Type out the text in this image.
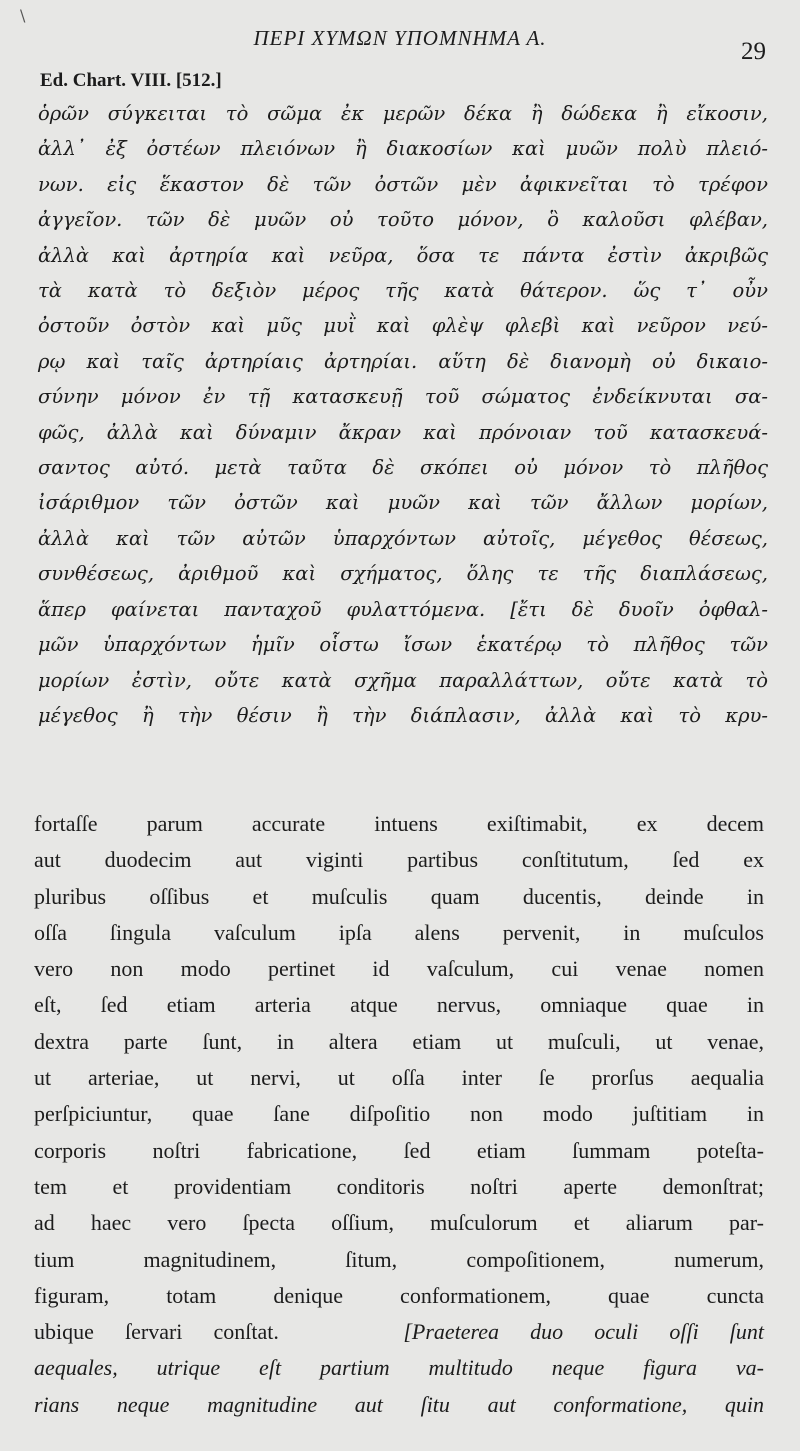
\
ΠΕΡΙ ΧΥΜΩΝ ΥΠΟΜΝΗΜΑ Α.	29
Ed. Chart. VIII. [512.]
ὁρῶν σύγκειται τὸ σῶμα ἐκ μερῶν δέκα ἢ δώδεκα ἢ εἴκοσιν,
ἀλλ᾽ ἐξ ὀστέων πλειόνων ἢ διακοσίων καὶ μυῶν πολὺ πλειό-
νων. εἰς ἕκαστον δὲ τῶν ὀστῶν μὲν ἀφικνεῖται τὸ τρέφον
ἀγγεῖον. τῶν δὲ μυῶν οὐ τοῦτο μόνον, ὃ καλοῦσι φλέβαν,
ἀλλὰ καὶ ἀρτηρία καὶ νεῦρα, ὅσα τε πάντα ἐστὶν ἀκριβῶς
τὰ κατὰ τὸ δεξιὸν μέρος τῆς κατὰ θάτερον. ὥς τ᾽ οὖν
ὀστοῦν ὀστὸν καὶ μῦς μυῒ καὶ φλὲψ φλεβὶ καὶ νεῦρον νεύ-
ρῳ καὶ ταῖς ἀρτηρίαις ἀρτηρίαι. αὕτη δὲ διανομὴ οὐ δικαιο-
σύνην μόνον ἐν τῇ κατασκευῇ τοῦ σώματος ἐνδείκνυται σα-
φῶς, ἀλλὰ καὶ δύναμιν ἄκραν καὶ πρόνοιαν τοῦ κατασκευά-
σαντος αὐτό. μετὰ ταῦτα δὲ σκόπει οὐ μόνον τὸ πλῆθος
ἰσάριθμον τῶν ὀστῶν καὶ μυῶν καὶ τῶν ἄλλων μορίων,
ἀλλὰ καὶ τῶν αὐτῶν ὑπαρχόντων αὐτοῖς, μέγεθος θέσεως,
συνθέσεως, ἀριθμοῦ καὶ σχήματος, ὅλης τε τῆς διαπλάσεως,
ἅπερ φαίνεται πανταχοῦ φυλαττόμενα. [ἔτι δὲ δυοῖν ὀφθαλ-
μῶν ὑπαρχόντων ἡμῖν οἷστω ἴσων ἑκατέρῳ τὸ πλῆθος τῶν
μορίων ἐστὶν, οὔτε κατὰ σχῆμα παραλλάττων, οὔτε κατὰ τὸ
μέγεθος ἢ τὴν θέσιν ἢ τὴν διάπλασιν, ἀλλὰ καὶ τὸ κρυ-
fortaſſe parum accurate intuens exiſtimabit, ex decem
aut duodecim aut viginti partibus conſtitutum, ſed ex
pluribus oſſibus et muſculis quam ducentis, deinde in
oſſa ſingula vaſculum ipſa alens pervenit, in muſculos
vero non modo pertinet id vaſculum, cui venae nomen
eſt, ſed etiam arteria atque nervus, omniaque quae in
dextra parte ſunt, in altera etiam ut muſculi, ut venae,
ut arteriae, ut nervi, ut oſſa inter ſe prorſus aequalia
perſpiciuntur, quae ſane diſpoſitio non modo juſtitiam in
corporis noſtri fabricatione, ſed etiam ſummam poteſta-
tem et providentiam conditoris noſtri aperte demonſtrat;
ad haec vero ſpecta oſſium, muſculorum et aliarum par-
tium magnitudinem, ſitum, compoſitionem, numerum,
figuram, totam denique conformationem, quae cuncta
ubique ſervari conſtat.	[Praeterea duo oculi oſſi ſunt
aequales, utrique eſt partium multitudo neque figura va-
rians neque magnitudine aut ſitu aut conformatione, quin
